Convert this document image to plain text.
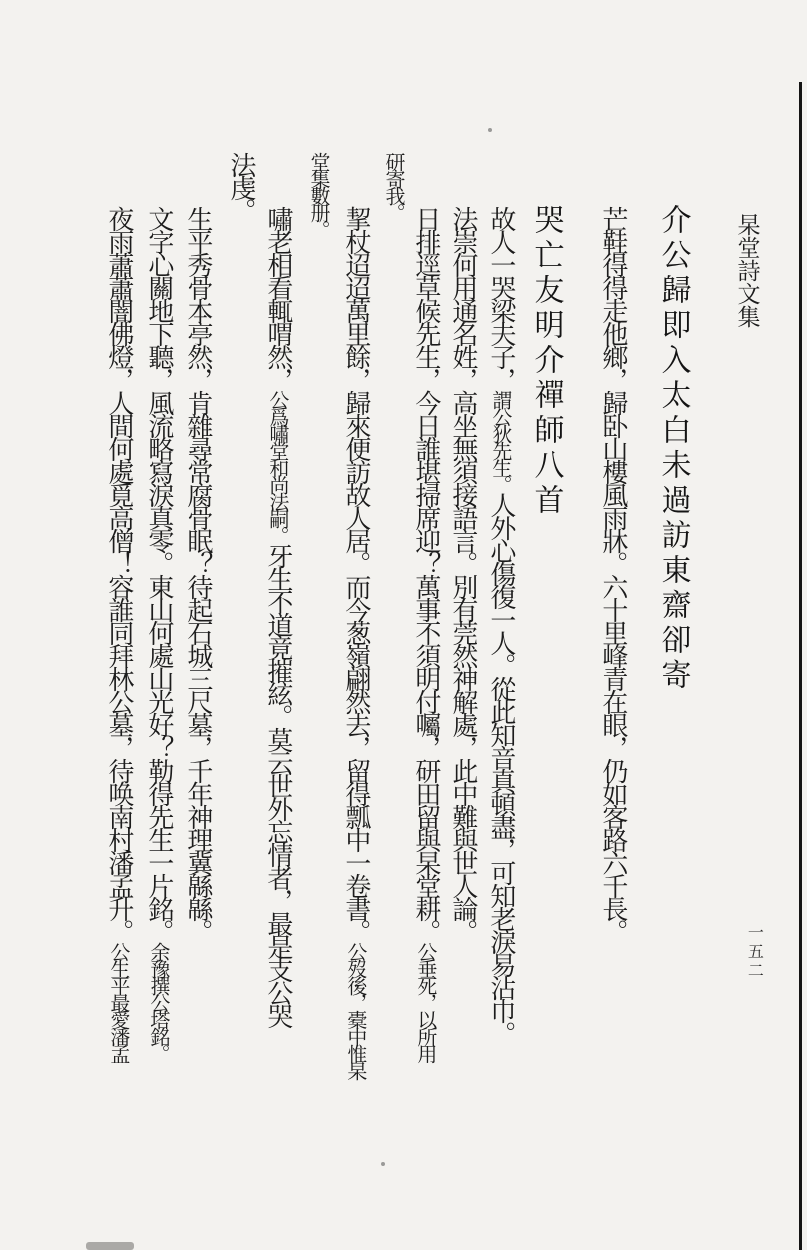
杲堂詩文集
一五二
介公歸即入太白未過訪東齋卻寄
芒鞋得得走他鄉，歸卧山樓風雨牀。六十里峰青在眼，仍如客路六千長。
哭亡友明介禪師八首
故人一哭梁夫子，謂公狄先生。人外心傷復一人。從此知音真頓盡，可知老淚易沾巾。
法崇何用通名姓，高坐無須接語言。別有莞然神解處，此中難與世人論。
日排逕草候先生，今日誰堪掃席迎？萬事不須明付囑，研田留與杲堂耕。公垂死，以所用
研寄我。
挈杖迢迢萬里餘，歸來便訪故人居。而今葱嶺翩然去，留得瓢中一卷書。公歿後，橐中惟杲
堂集數册。
嘯老相看輒喟然，公爲嘯堂和尚法嗣。牙生不道竟摧絃。莫云世外忘情者，最是支公哭
法虔。
生平秀骨本亭然，肯雜尋常腐骨眠？待起石城三尺墓，千年神理冀緜緜。
文字心關地下聽，風流略寫淚真零。東山何處山光好？勒得先生一片銘。余豫撰公塔銘。
夜雨蕭蕭闇佛燈，人間何處覓高僧！容誰同拜林公墓，待唤南村潘孟升。公生平最愛潘孟
